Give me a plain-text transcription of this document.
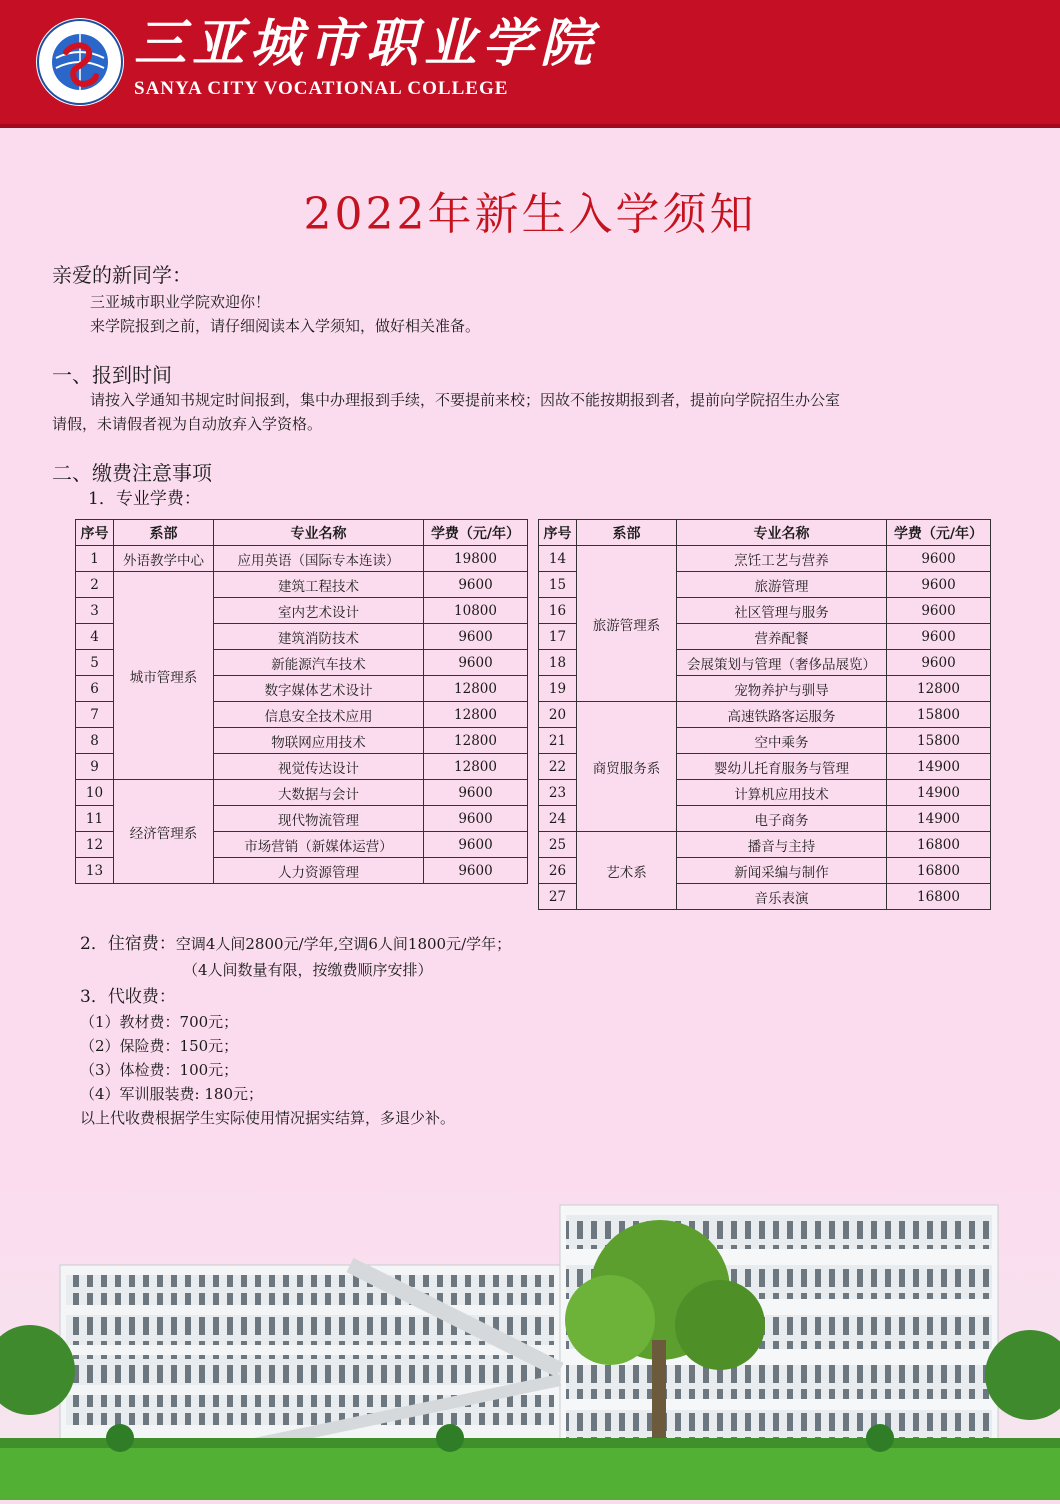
三亚城市职业学院
SANYA CITY VOCATIONAL COLLEGE
2022年新生入学须知
亲爱的新同学：
三亚城市职业学院欢迎你！
来学院报到之前，请仔细阅读本入学须知，做好相关准备。
一、报到时间
请按入学通知书规定时间报到，集中办理报到手续，不要提前来校；因故不能按期报到者，提前向学院招生办公室
请假，未请假者视为自动放弃入学资格。
二、缴费注意事项
1．专业学费：
序号	系部	专业名称	学费（元/年）
1	外语教学中心	应用英语（国际专本连读）	19800
2	城市管理系	建筑工程技术	9600
3		室内艺术设计	10800
4		建筑消防技术	9600
5		新能源汽车技术	9600
6		数字媒体艺术设计	12800
7		信息安全技术应用	12800
8		物联网应用技术	12800
9		视觉传达设计	12800
10	经济管理系	大数据与会计	9600
11		现代物流管理	9600
12		市场营销（新媒体运营）	9600
13		人力资源管理	9600
序号	系部	专业名称	学费（元/年）
14	旅游管理系	烹饪工艺与营养	9600
15		旅游管理	9600
16		社区管理与服务	9600
17		营养配餐	9600
18		会展策划与管理（奢侈品展览）	9600
19		宠物养护与驯导	12800
20	商贸服务系	高速铁路客运服务	15800
21		空中乘务	15800
22		婴幼儿托育服务与管理	14900
23		计算机应用技术	14900
24		电子商务	14900
25	艺术系	播音与主持	16800
26		新闻采编与制作	16800
27		音乐表演	16800
2．住宿费：空调4人间2800元/学年,空调6人间1800元/学年；
（4人间数量有限，按缴费顺序安排）
3．代收费：
（1）教材费：700元；
（2）保险费：150元；
（3）体检费：100元；
（4）军训服装费: 180元；
以上代收费根据学生实际使用情况据实结算，多退少补。
